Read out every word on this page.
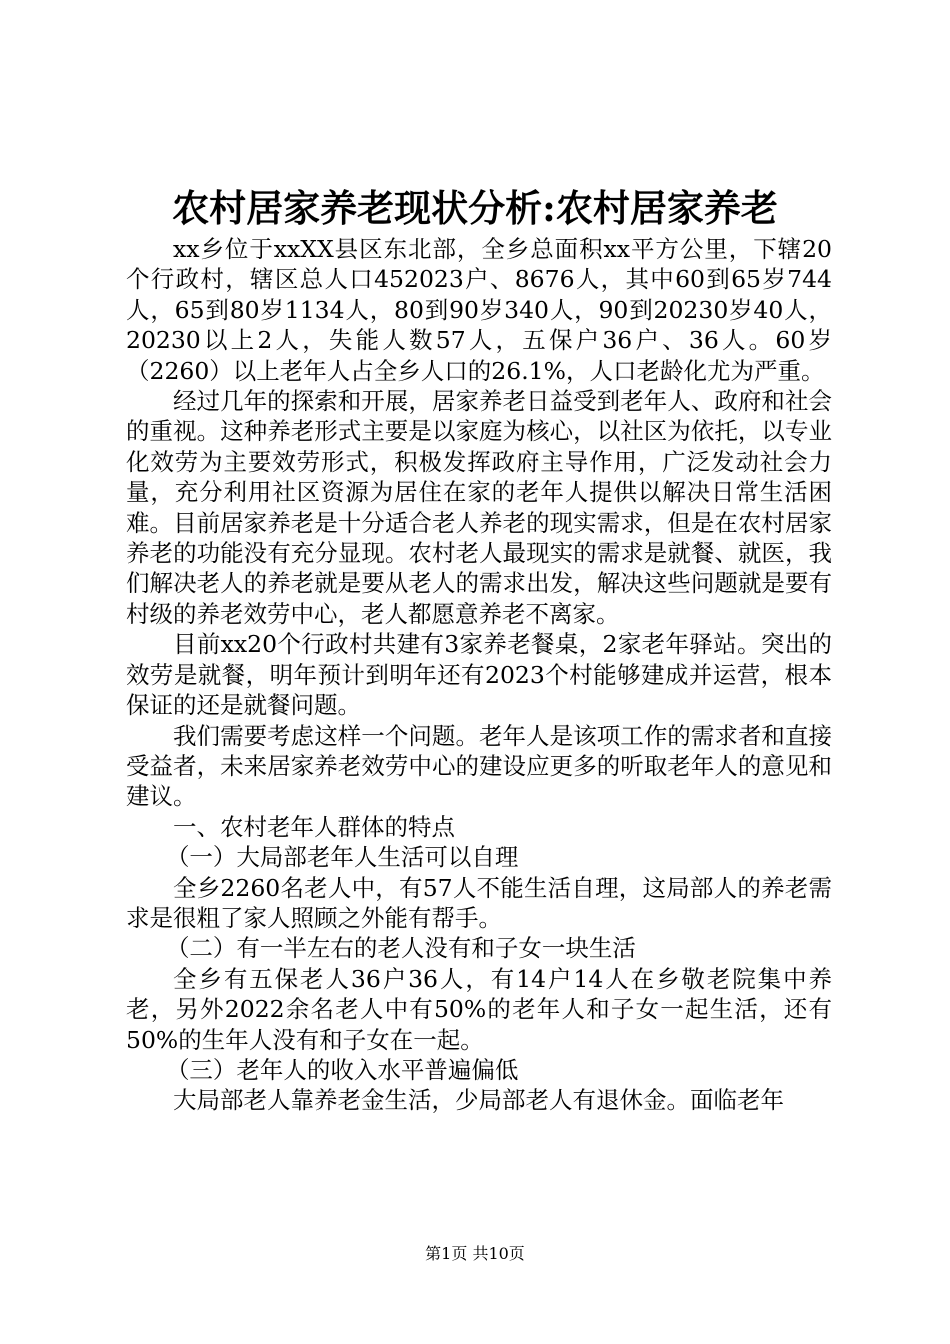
农村居家养老现状分析:农村居家养老

xx乡位于xxXX县区东北部，全乡总面积xx平方公里，下辖20个行政村，辖区总人口452023户、8676人，其中60到65岁744人，65到80岁1134人，80到90岁340人，90到20230岁40人，20230以上2人，失能人数57人，五保户36户、36人。60岁（2260）以上老年人占全乡人口的26.1%，人口老龄化尤为严重。

经过几年的探索和开展，居家养老日益受到老年人、政府和社会的重视。这种养老形式主要是以家庭为核心，以社区为依托，以专业化效劳为主要效劳形式，积极发挥政府主导作用，广泛发动社会力量，充分利用社区资源为居住在家的老年人提供以解决日常生活困难。目前居家养老是十分适合老人养老的现实需求，但是在农村居家养老的功能没有充分显现。农村老人最现实的需求是就餐、就医，我们解决老人的养老就是要从老人的需求出发，解决这些问题就是要有村级的养老效劳中心，老人都愿意养老不离家。

目前xx20个行政村共建有3家养老餐桌，2家老年驿站。突出的效劳是就餐，明年预计到明年还有2023个村能够建成并运营，根本保证的还是就餐问题。

我们需要考虑这样一个问题。老年人是该项工作的需求者和直接受益者，未来居家养老效劳中心的建设应更多的听取老年人的意见和建议。

一、农村老年人群体的特点

（一）大局部老年人生活可以自理

全乡2260名老人中，有57人不能生活自理，这局部人的养老需求是很粗了家人照顾之外能有帮手。

（二）有一半左右的老人没有和子女一块生活

全乡有五保老人36户36人，有14户14人在乡敬老院集中养老，另外2022余名老人中有50%的老年人和子女一起生活，还有50%的生年人没有和子女在一起。

（三）老年人的收入水平普遍偏低

大局部老人靠养老金生活，少局部老人有退休金。面临老年

第1页 共10页
